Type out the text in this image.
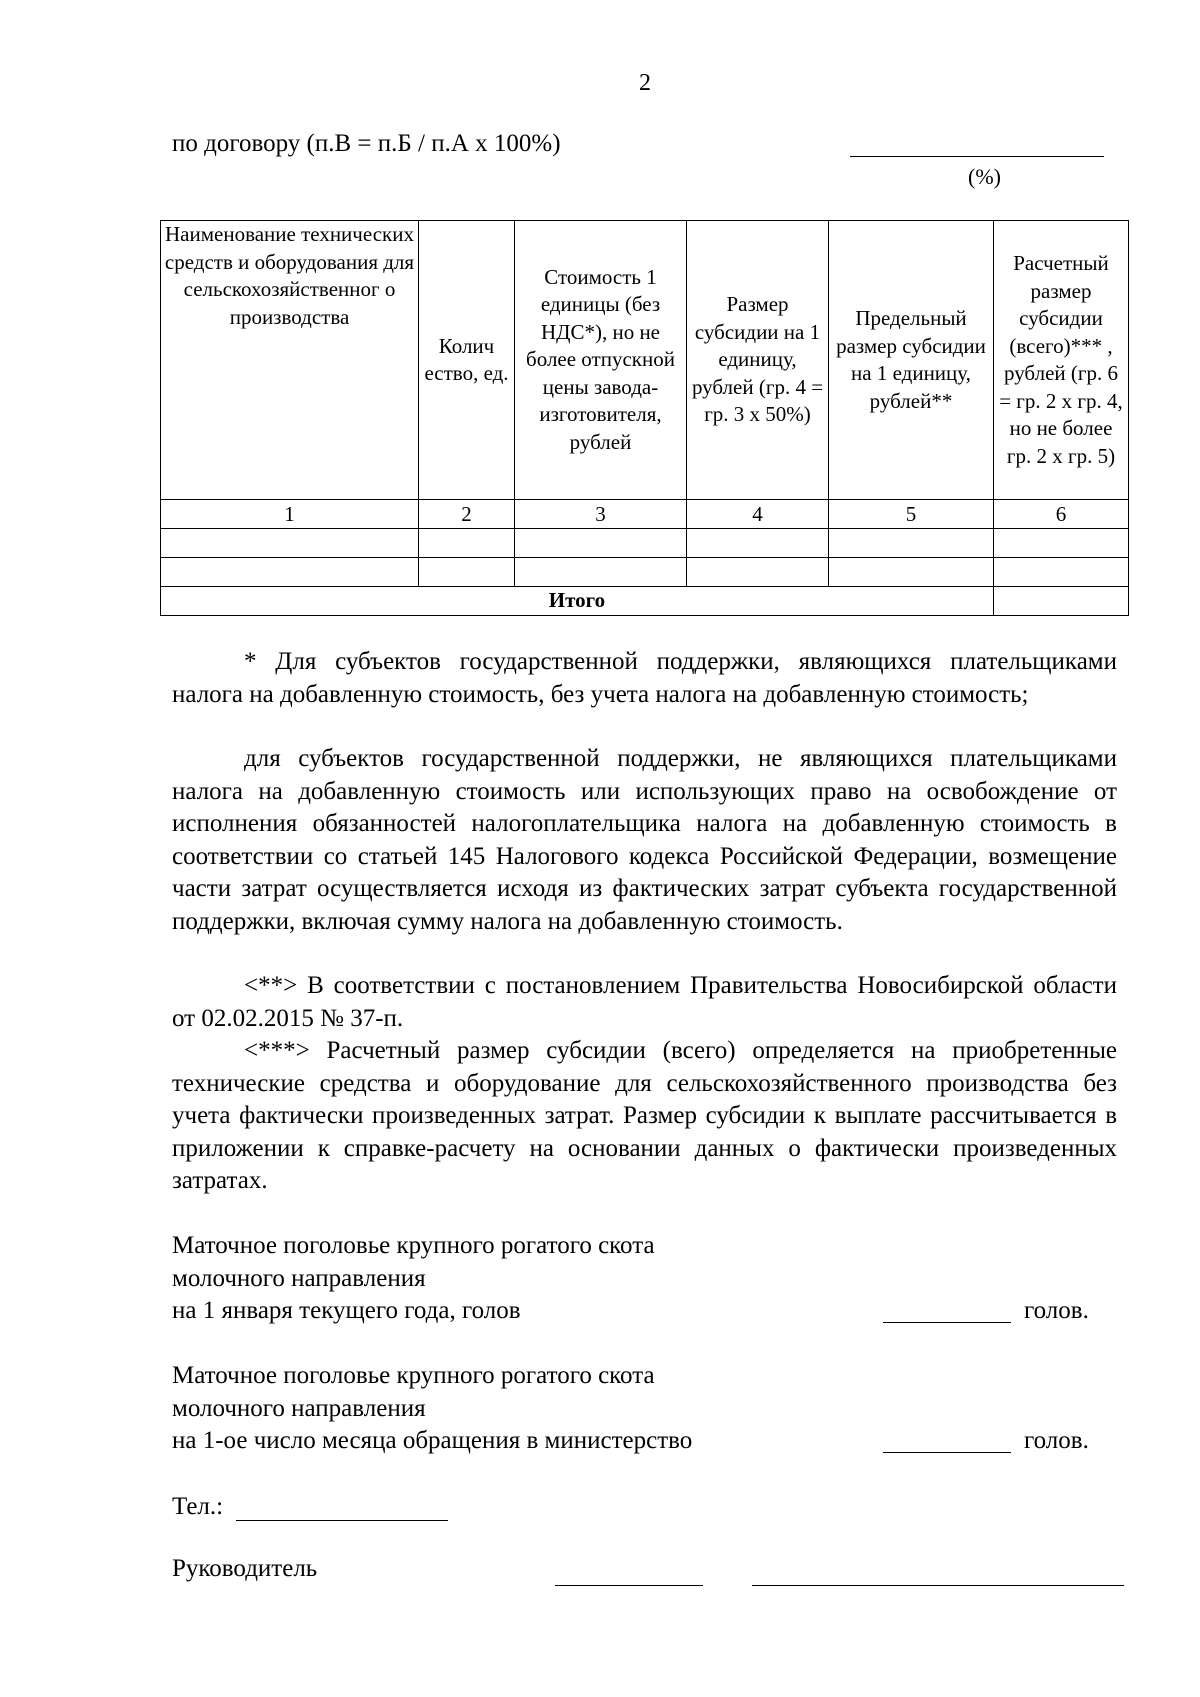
2
по договору (п.В = п.Б / п.А х 100%)
(%)
Наименование технических средств и оборудования для сельскохозяйственног о производства	Колич ество, ед.	Стоимость 1 единицы (без НДС*), но не более отпускной цены завода-изготовителя, рублей	Размер субсидии на 1 единицу, рублей (гр. 4 = гр. 3 х 50%)	Предельный размер субсидии на 1 единицу, рублей**	Расчетный размер субсидии (всего)*** , рублей (гр. 6 = гр. 2 х гр. 4, но не более гр. 2 х гр. 5)
1	2	3	4	5	6

Итого					
* Для субъектов государственной поддержки, являющихся плательщиками налога на добавленную стоимость, без учета налога на добавленную стоимость;
для субъектов государственной поддержки, не являющихся плательщиками налога на добавленную стоимость или использующих право на освобождение от исполнения обязанностей налогоплательщика налога на добавленную стоимость в соответствии со статьей 145 Налогового кодекса Российской Федерации, возмещение части затрат осуществляется исходя из фактических затрат субъекта государственной поддержки, включая сумму налога на добавленную стоимость.
<**> В соответствии с постановлением Правительства Новосибирской области от 02.02.2015 № 37-п.
<***> Расчетный размер субсидии (всего) определяется на приобретенные технические средства и оборудование для сельскохозяйственного производства без учета фактически произведенных затрат. Размер субсидии к выплате рассчитывается в приложении к справке-расчету на основании данных о фактически произведенных затратах.
Маточное поголовье крупного рогатого скота
молочного направления
на 1 января текущего года, голов	голов.
Маточное поголовье крупного рогатого скота
молочного направления
на 1-ое число месяца обращения в министерство	голов.
Тел.:
Руководитель
